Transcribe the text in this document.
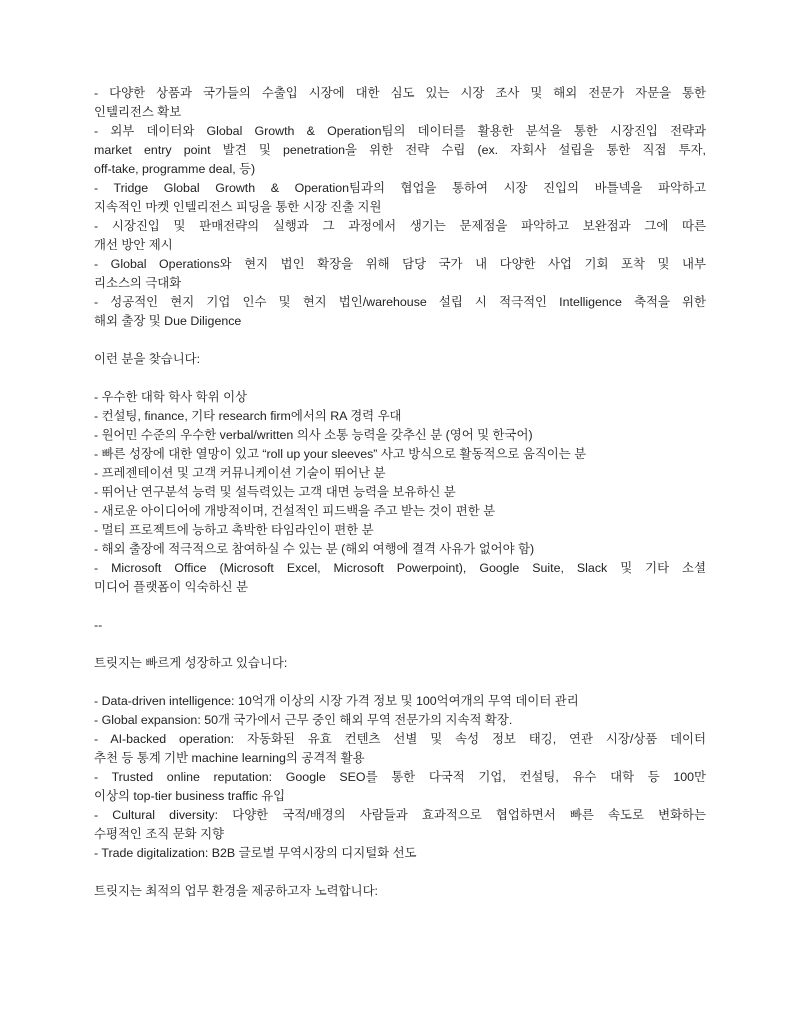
- 다양한 상품과 국가들의 수출입 시장에 대한 심도 있는 시장 조사 및 해외 전문가 자문을 통한
인텔리전스 확보
- 외부 데이터와 Global Growth & Operation팀의 데이터를 활용한 분석을 통한 시장진입 전략과
market entry point 발견 및 penetration을 위한 전략 수립 (ex. 자회사 설립을 통한 직접 투자,
off-take, programme deal, 등)
- Tridge Global Growth & Operation팀과의 협업을 통하여 시장 진입의 바틀넥을 파악하고
지속적인 마켓 인텔리전스 피딩을 통한 시장 진출 지원
- 시장진입 및 판매전략의 실행과 그 과정에서 생기는 문제점을 파악하고 보완점과 그에 따른
개선 방안 제시
- Global Operations와 현지 법인 확장을 위해 담당 국가 내 다양한 사업 기회 포착 및 내부
리소스의 극대화
- 성공적인 현지 기업 인수 및 현지 법인/warehouse 설립 시 적극적인 Intelligence 축적을 위한
해외 출장 및 Due Diligence
이런 분을 찾습니다:
- 우수한 대학 학사 학위 이상
- 컨설팅, finance, 기타 research firm에서의 RA 경력 우대
- 원어민 수준의 우수한 verbal/written 의사 소통 능력을 갖추신 분 (영어 및 한국어)
- 빠른 성장에 대한 열망이 있고 “roll up your sleeves” 사고 방식으로 활동적으로 움직이는 분
- 프레젠테이션 및 고객 커뮤니케이션 기술이 뛰어난 분
- 뛰어난 연구분석 능력 및 설득력있는 고객 대면 능력을 보유하신 분
- 새로운 아이디어에 개방적이며, 건설적인 피드백을 주고 받는 것이 편한 분
- 멀티 프로젝트에 능하고 촉박한 타임라인이 편한 분
- 해외 출장에 적극적으로 참여하실 수 있는 분 (해외 여행에 결격 사유가 없어야 함)
- Microsoft Office (Microsoft Excel, Microsoft Powerpoint), Google Suite, Slack 및 기타 소셜
미디어 플랫폼이 익숙하신 분
--
트릿지는 빠르게 성장하고 있습니다:
- Data-driven intelligence: 10억개 이상의 시장 가격 정보 및 100억여개의 무역 데이터 관리
- Global expansion: 50개 국가에서 근무 중인 해외 무역 전문가의 지속적 확장.
- AI-backed operation: 자동화된 유효 컨텐츠 선별 및 속성 정보 태깅, 연관 시장/상품 데이터
추천 등 통계 기반 machine learning의 공격적 활용
- Trusted online reputation: Google SEO를 통한 다국적 기업, 컨설팅, 유수 대학 등 100만
이상의 top-tier business traffic 유입
- Cultural diversity: 다양한 국적/배경의 사람들과 효과적으로 협업하면서 빠른 속도로 변화하는
수평적인 조직 문화 지향
- Trade digitalization: B2B 글로벌 무역시장의 디지털화 선도
트릿지는 최적의 업무 환경을 제공하고자 노력합니다:
